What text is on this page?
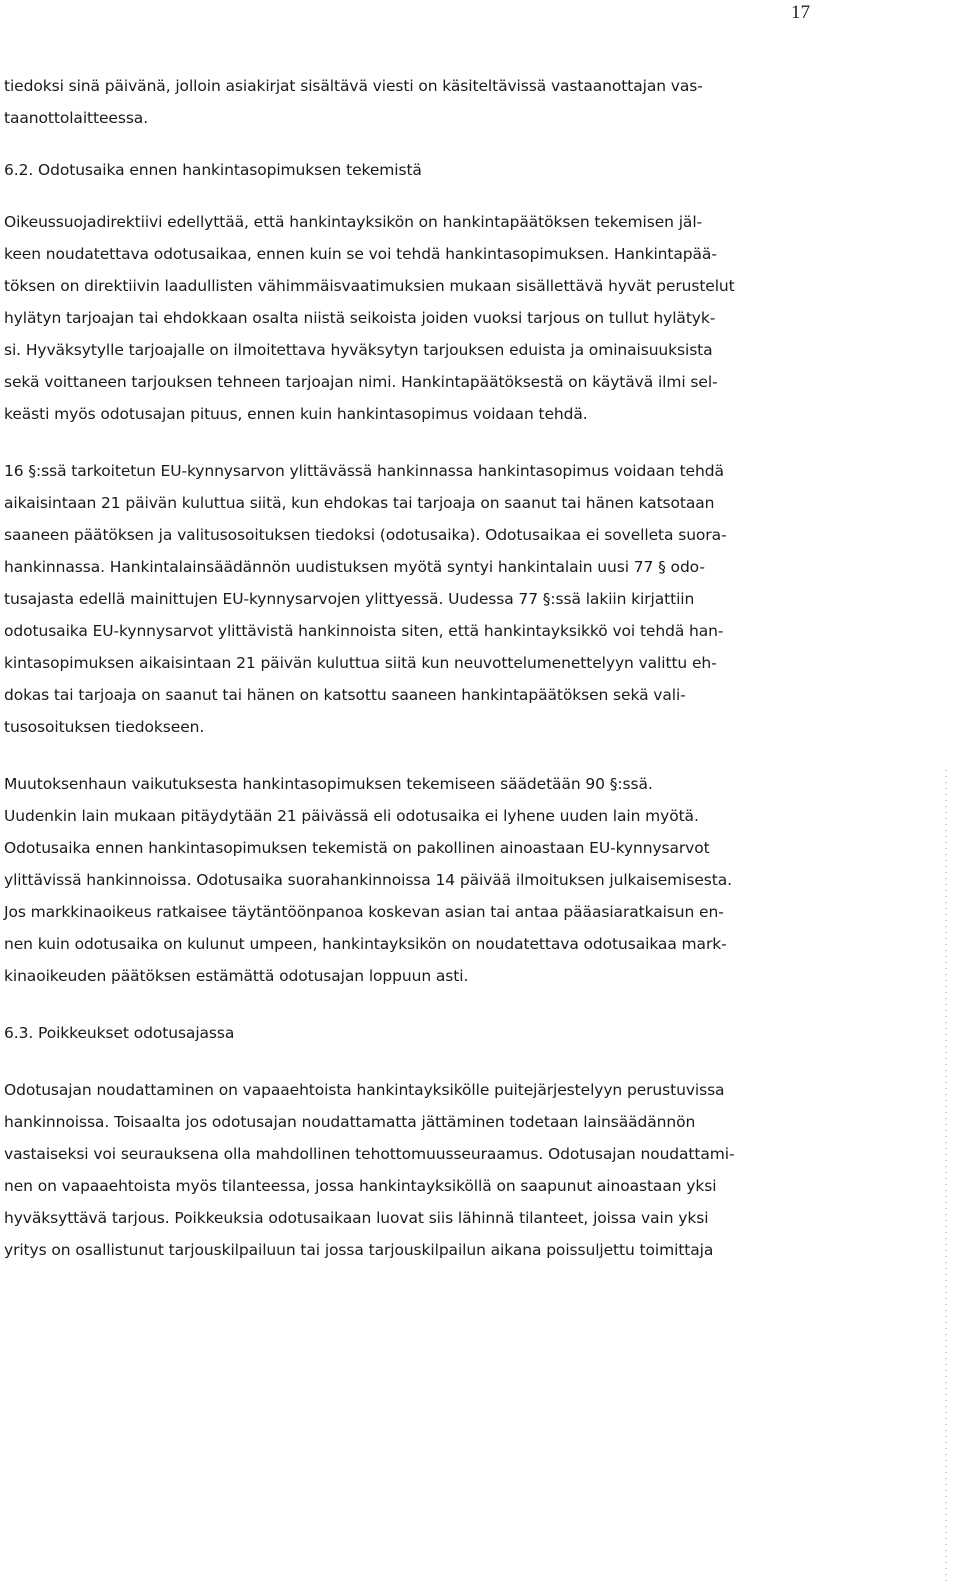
17

tiedoksi sinä päivänä, jolloin asiakirjat sisältävä viesti on käsiteltävissä vastaanottajan vas-
taanottolaitteessa.

6.2. Odotusaika ennen hankintasopimuksen tekemistä

Oikeussuojadirektiivi edellyttää, että hankintayksikön on hankintapäätöksen tekemisen jäl-
keen noudatettava odotusaikaa, ennen kuin se voi tehdä hankintasopimuksen. Hankintapää-
töksen on direktiivin laadullisten vähimmäisvaatimuksien mukaan sisällettävä hyvät perustelut
hylätyn tarjoajan tai ehdokkaan osalta niistä seikoista joiden vuoksi tarjous on tullut hylätyk-
si. Hyväksytylle tarjoajalle on ilmoitettava hyväksytyn tarjouksen eduista ja ominaisuuksista
sekä voittaneen tarjouksen tehneen tarjoajan nimi. Hankintapäätöksestä on käytävä ilmi sel-
keästi myös odotusajan pituus, ennen kuin hankintasopimus voidaan tehdä.

16 §:ssä tarkoitetun EU-kynnysarvon ylittävässä hankinnassa hankintasopimus voidaan tehdä
aikaisintaan 21 päivän kuluttua siitä, kun ehdokas tai tarjoaja on saanut tai hänen katsotaan
saaneen päätöksen ja valitusosoituksen tiedoksi (odotusaika). Odotusaikaa ei sovelleta suora-
hankinnassa. Hankintalainsäädännön uudistuksen myötä syntyi hankintalain uusi 77 § odo-
tusajasta edellä mainittujen EU-kynnysarvojen ylittyessä. Uudessa 77 §:ssä lakiin kirjattiin
odotusaika EU-kynnysarvot ylittävistä hankinnoista siten, että hankintayksikkö voi tehdä han-
kintasopimuksen aikaisintaan 21 päivän kuluttua siitä kun neuvottelumenettelyyn valittu eh-
dokas tai tarjoaja on saanut tai hänen on katsottu saaneen hankintapäätöksen sekä vali-
tusosoituksen tiedokseen.

Muutoksenhaun vaikutuksesta hankintasopimuksen tekemiseen säädetään 90 §:ssä.
Uudenkin lain mukaan pitäydytään 21 päivässä eli odotusaika ei lyhene uuden lain myötä.
Odotusaika ennen hankintasopimuksen tekemistä on pakollinen ainoastaan EU-kynnysarvot
ylittävissä hankinnoissa. Odotusaika suorahankinnoissa 14 päivää ilmoituksen julkaisemisesta.
Jos markkinaoikeus ratkaisee täytäntöönpanoa koskevan asian tai antaa pääasiaratkaisun en-
nen kuin odotusaika on kulunut umpeen, hankintayksikön on noudatettava odotusaikaa mark-
kinaoikeuden päätöksen estämättä odotusajan loppuun asti.

6.3. Poikkeukset odotusajassa

Odotusajan noudattaminen on vapaaehtoista hankintayksikölle puitejärjestelyyn perustuvissa
hankinnoissa. Toisaalta jos odotusajan noudattamatta jättäminen todetaan lainsäädännön
vastaiseksi voi seurauksena olla mahdollinen tehottomuusseuraamus. Odotusajan noudattami-
nen on vapaaehtoista myös tilanteessa, jossa hankintayksiköllä on saapunut ainoastaan yksi
hyväksyttävä tarjous. Poikkeuksia odotusaikaan luovat siis lähinnä tilanteet, joissa vain yksi
yritys on osallistunut tarjouskilpailuun tai jossa tarjouskilpailun aikana poissuljettu toimittaja
